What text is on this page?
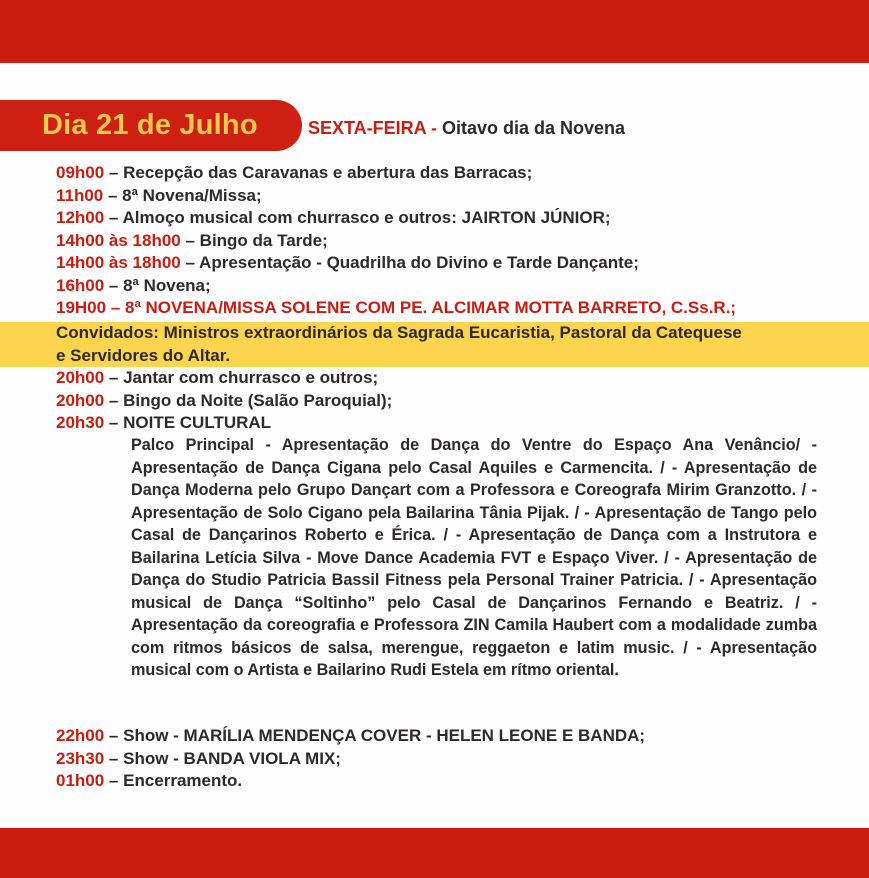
Dia 21 de Julho	SEXTA-FEIRA - Oitavo dia da Novena
09h00 – Recepção das Caravanas e abertura das Barracas;
11h00 – 8ª Novena/Missa;
12h00 – Almoço musical com churrasco e outros: JAIRTON JÚNIOR;
14h00 às 18h00 – Bingo da Tarde;
14h00 às 18h00 – Apresentação - Quadrilha do Divino e Tarde Dançante;
16h00 – 8ª Novena;
19H00 – 8ª NOVENA/MISSA SOLENE COM PE. ALCIMAR MOTTA BARRETO, C.Ss.R.;
Convidados: Ministros extraordinários da Sagrada Eucaristia, Pastoral da Catequese e Servidores do Altar.
20h00 – Jantar com churrasco e outros;
20h00 – Bingo da Noite (Salão Paroquial);
20h30 – NOITE CULTURAL
Palco Principal - Apresentação de Dança do Ventre do Espaço Ana Venâncio/ - Apresentação de Dança Cigana pelo Casal Aquiles e Carmencita. / - Apresentação de Dança Moderna pelo Grupo Dançart com a Professora e Coreografa Mirim Granzotto. / - Apresentação de Solo Cigano pela Bailarina Tânia Pijak. / - Apresentação de Tango pelo Casal de Dançarinos Roberto e Érica. / - Apresentação de Dança com a Instrutora e Bailarina Letícia Silva - Move Dance Academia FVT e Espaço Viver. / - Apresentação de Dança do Studio Patricia Bassil Fitness pela Personal Trainer Patricia. / - Apresentação musical de Dança “Soltinho” pelo Casal de Dançarinos Fernando e Beatriz. / - Apresentação da coreografia e Professora ZIN Camila Haubert com a modalidade zumba com ritmos básicos de salsa, merengue, reggaeton e latim music. / - Apresentação musical com o Artista e Bailarino Rudi Estela em rítmo oriental.
22h00 – Show - MARÍLIA MENDENÇA COVER - HELEN LEONE E BANDA;
23h30 – Show - BANDA VIOLA MIX;
01h00 – Encerramento.
